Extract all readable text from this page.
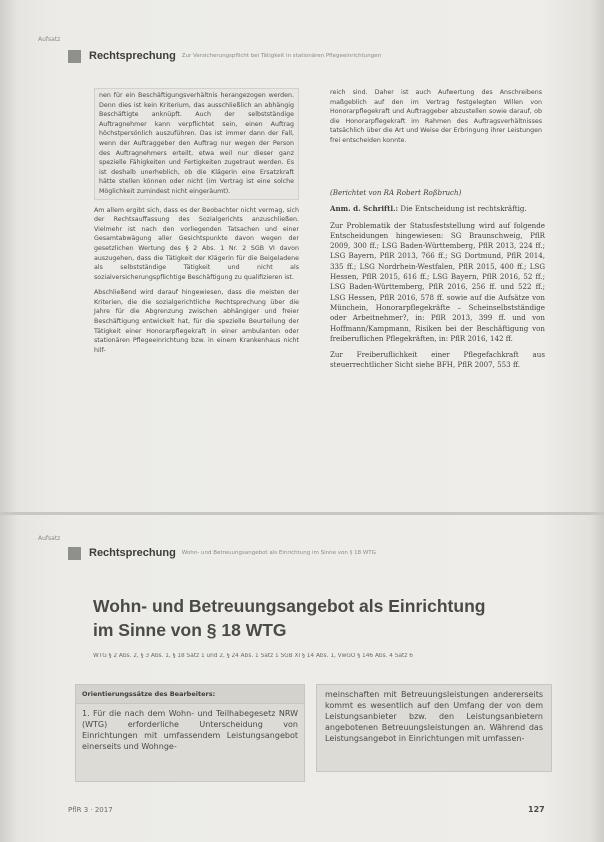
Aufsatz
Rechtsprechung Zur Versicherungspflicht bei Tätigkeit in stationären Pflegeeinrichtungen

nen für ein Beschäftigungsverhältnis herangezogen werden. Denn dies ist kein Kriterium, das ausschließlich an abhängig Beschäftigte anknüpft. Auch der selbstständige Auftragnehmer kann verpflichtet sein, einen Auftrag höchstpersönlich auszuführen. Das ist immer dann der Fall, wenn der Auftraggeber den Auftrag nur wegen der Person des Auftragnehmers erteilt, etwa weil nur dieser ganz spezielle Fähigkeiten und Fertigkeiten zugetraut werden. Es ist deshalb unerheblich, ob die Klägerin eine Ersatzkraft hätte stellen können oder nicht (im Vertrag ist eine solche Möglichkeit zumindest nicht eingeräumt).

Am allem ergibt sich, dass es der Beobachter nicht vermag, sich der Rechtsauffassung des Sozialgerichts anzuschließen. Vielmehr ist nach den vorliegenden Tatsachen und einer Gesamtabwägung aller Gesichtspunkte davon wegen der gesetzlichen Wertung des § 2 Abs. 1 Nr. 2 SGB VI davon auszugehen, dass die Tätigkeit der Klägerin für die Beigeladene als selbstständige Tätigkeit und nicht als sozialversicherungspflichtige Beschäftigung zu qualifizieren ist.

Abschließend wird darauf hingewiesen, dass die meisten der Kriterien, die die sozialgerichtliche Rechtsprechung über die Jahre für die Abgrenzung zwischen abhängiger und freier Beschäftigung entwickelt hat, für die spezielle Beurteilung der Tätigkeit einer Honorarpflegekraft in einer ambulanten oder stationären Pflegeeinrichtung bzw. in einem Krankenhaus nicht hilf-

reich sind. Daher ist auch Aufwertung des Anschreibens maßgeblich auf den im Vertrag festgelegten Willen von Honorarpflegekraft und Auftraggeber abzustellen sowie darauf, ob die Honorarpflegekraft im Rahmen des Auftragsverhältnisses tatsächlich über die Art und Weise der Erbringung ihrer Leistungen frei entscheiden konnte.

(Berichtet von RA Robert Roßbruch)

Anm. d. Schriftl.: Die Entscheidung ist rechtskräftig.

Zur Problematik der Statusfeststellung wird auf folgende Entscheidungen hingewiesen: SG Braunschweig, PflR 2009, 300 ff.; LSG Baden-Württemberg, PflR 2013, 224 ff.; LSG Bayern, PflR 2013, 766 ff.; SG Dortmund, PflR 2014, 335 ff.; LSG Nordrhein-Westfalen, PflR 2015, 400 ff.; LSG Hessen, PflR 2015, 616 ff.; LSG Bayern, PflR 2016, 52 ff.; LSG Baden-Württemberg, PflR 2016, 256 ff. und 522 ff.; LSG Hessen, PflR 2016, 578 ff. sowie auf die Aufsätze von Münchein, Honorarpflegekräfte – Scheinselbstständige oder Arbeitnehmer?, in: PflR 2013, 399 ff. und von Hoffmann/Kampmann, Risiken bei der Beschäftigung von freiberuflichen Pflegekräften, in: PflR 2016, 142 ff.

Zur Freiberuflichkeit einer Pflegefachkraft aus steuerrechtlicher Sicht siehe BFH, PflR 2007, 553 ff.

Aufsatz
Rechtsprechung Wohn- und Betreuungsangebot als Einrichtung im Sinne von § 18 WTG
Wohn- und Betreuungsangebot als Einrichtung
im Sinne von § 18 WTG
WTG § 2 Abs. 2, § 3 Abs. 1, § 18 Satz 1 und 2, § 24 Abs. 1 Satz 1 SGB XI § 14 Abs. 1, VwGO § 146 Abs. 4 Satz 6
Orientierungssätze des Bearbeiters:
1. Für die nach dem Wohn- und Teilhabegesetz NRW (WTG) erforderliche Unterscheidung von Einrichtungen mit umfassendem Leistungsangebot einerseits und Wohnge-
meinschaften mit Betreuungsleistungen andererseits kommt es wesentlich auf den Umfang der von dem Leistungsanbieter bzw. den Leistungsanbietern angebotenen Betreuungsleistungen an. Während das Leistungsangebot in Einrichtungen mit umfassen-
PflR 3 · 2017	127
